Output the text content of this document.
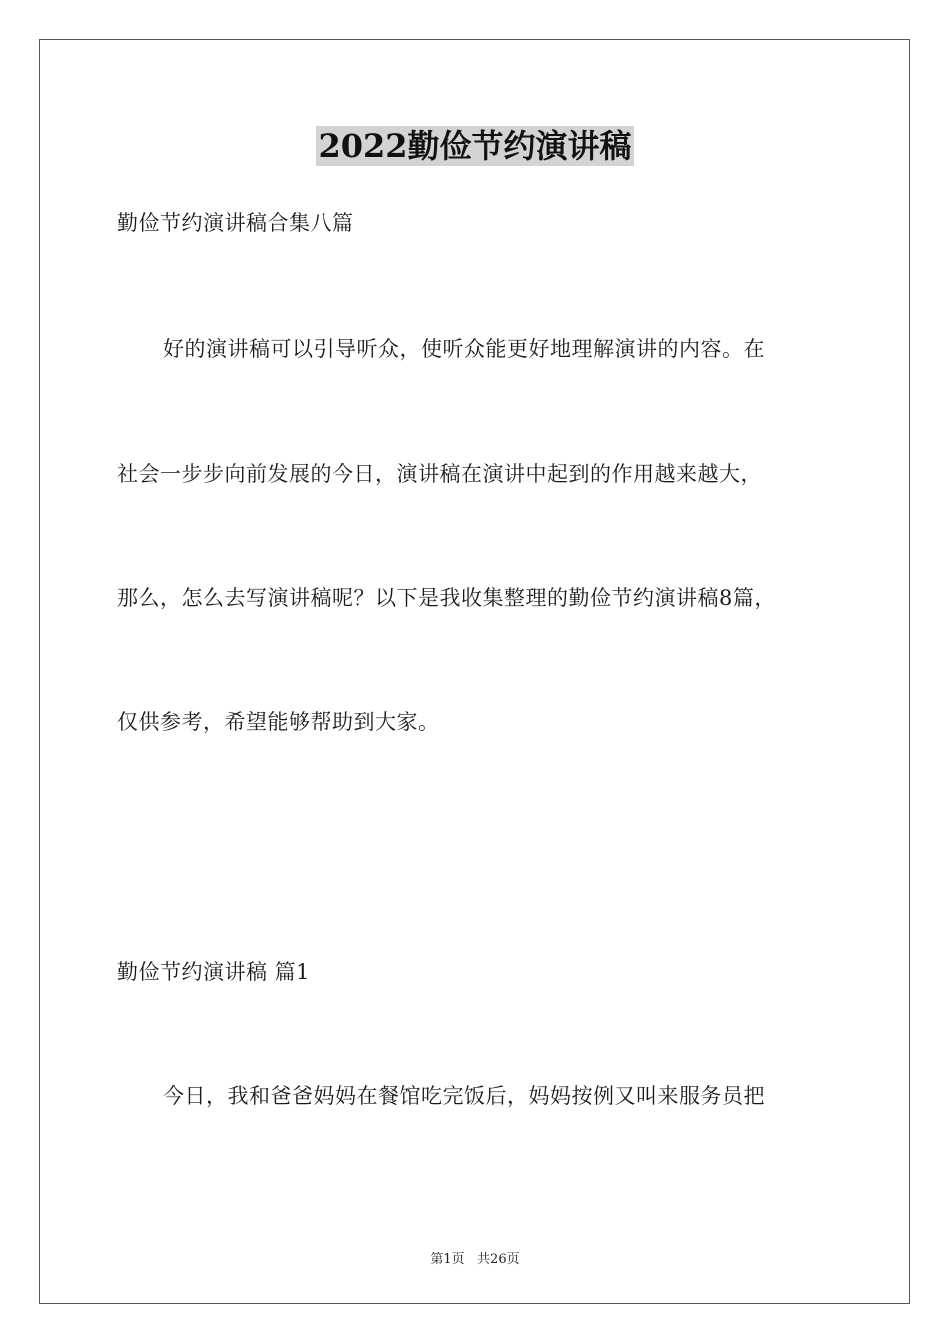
2022勤俭节约演讲稿
勤俭节约演讲稿合集八篇
好的演讲稿可以引导听众，使听众能更好地理解演讲的内容。在
社会一步步向前发展的今日，演讲稿在演讲中起到的作用越来越大，
那么，怎么去写演讲稿呢？以下是我收集整理的勤俭节约演讲稿8篇，
仅供参考，希望能够帮助到大家。
勤俭节约演讲稿 篇1
今日，我和爸爸妈妈在餐馆吃完饭后，妈妈按例又叫来服务员把
第1页   共26页
